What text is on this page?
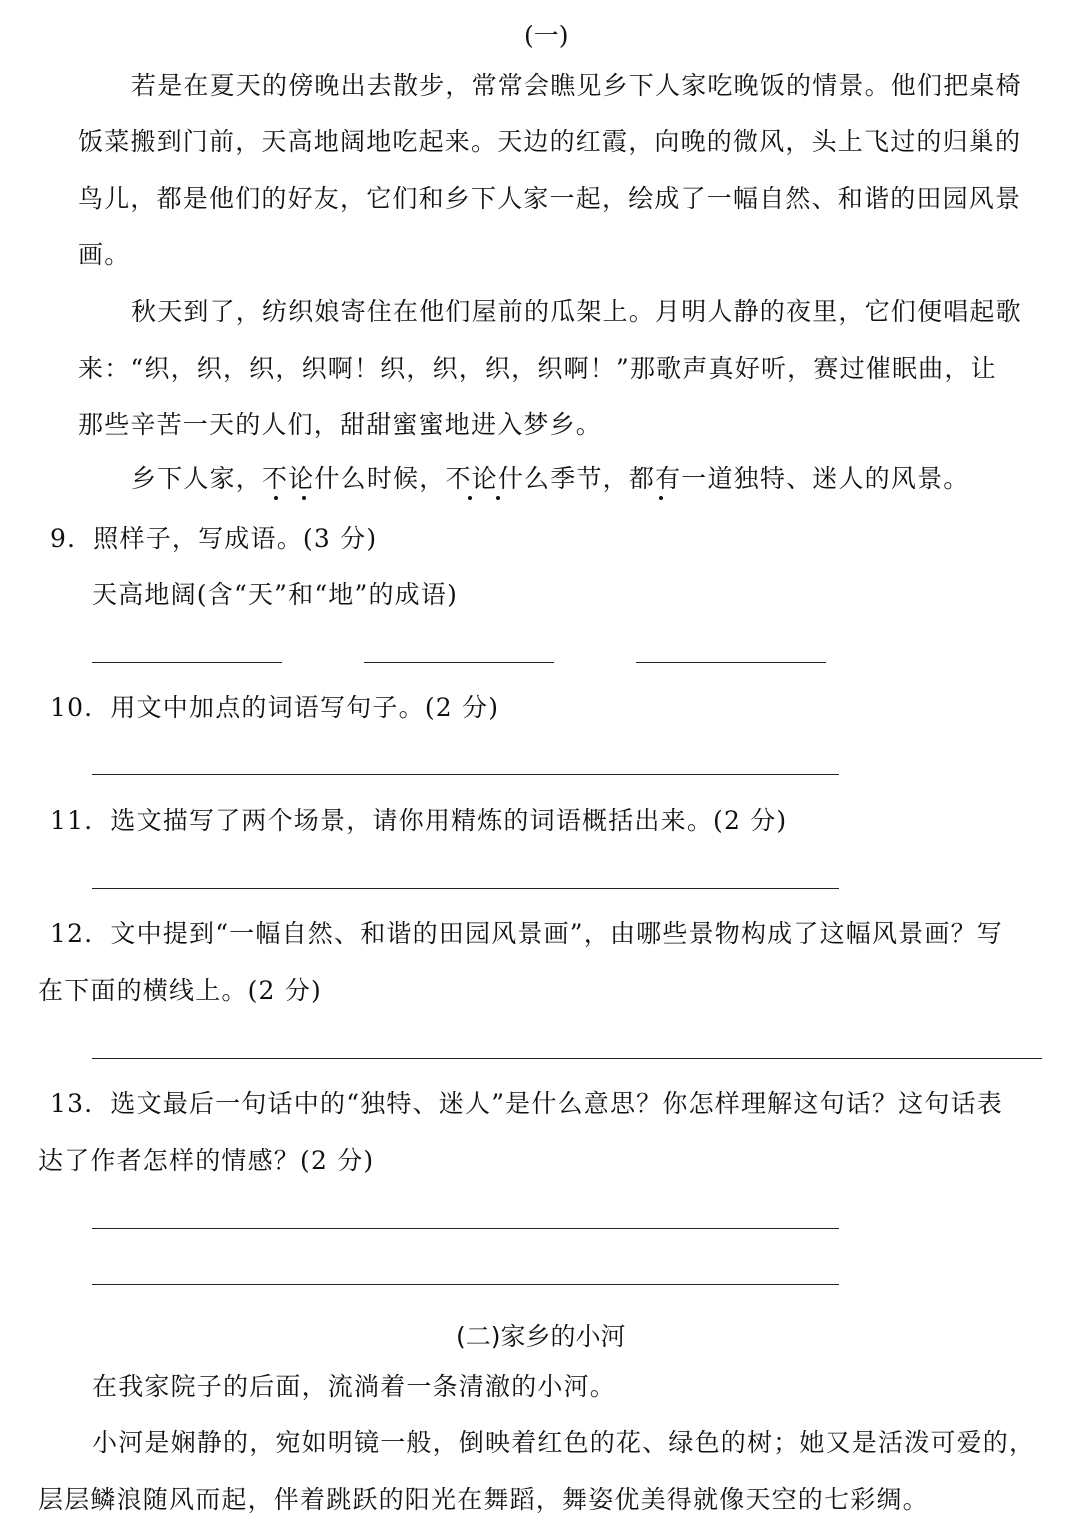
(一)
若是在夏天的傍晚出去散步，常常会瞧见乡下人家吃晚饭的情景。他们把桌椅
饭菜搬到门前，天高地阔地吃起来。天边的红霞，向晚的微风，头上飞过的归巢的
鸟儿，都是他们的好友，它们和乡下人家一起，绘成了一幅自然、和谐的田园风景
画。
秋天到了，纺织娘寄住在他们屋前的瓜架上。月明人静的夜里，它们便唱起歌
来：“织，织，织，织啊！织，织，织，织啊！”那歌声真好听，赛过催眠曲，让
那些辛苦一天的人们，甜甜蜜蜜地进入梦乡。
乡下人家，不论什么时候，不论什么季节，都有一道独特、迷人的风景。
9．照样子，写成语。(3 分)
天高地阔(含“天”和“地”的成语)
10．用文中加点的词语写句子。(2 分)
11．选文描写了两个场景，请你用精炼的词语概括出来。(2 分)
12．文中提到“一幅自然、和谐的田园风景画”，由哪些景物构成了这幅风景画？写
在下面的横线上。(2 分)
13．选文最后一句话中的“独特、迷人”是什么意思？你怎样理解这句话？这句话表
达了作者怎样的情感？(2 分)
(二)家乡的小河
在我家院子的后面，流淌着一条清澈的小河。
小河是娴静的，宛如明镜一般，倒映着红色的花、绿色的树；她又是活泼可爱的，
层层鳞浪随风而起，伴着跳跃的阳光在舞蹈，舞姿优美得就像天空的七彩绸。
